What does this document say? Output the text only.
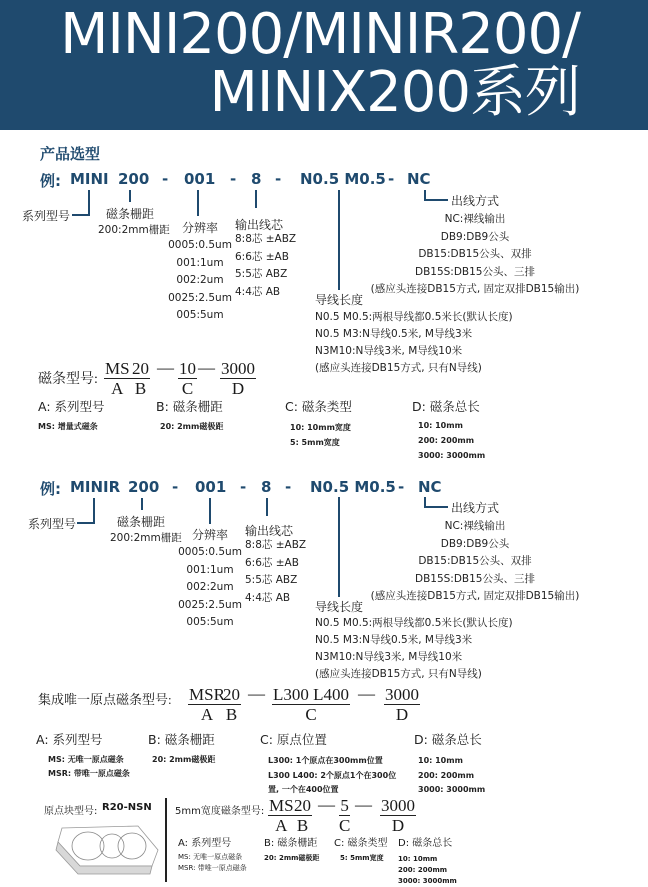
MINI200/MINIR200/
MINIX200系列
产品选型
例: MINI 200 - 001 - 8 - N0.5 M0.5 - NC
系列型号	磁条栅距
200:2mm栅距 分辨率
0005:0.5um
001:1um
002:2um
0025:2.5um
005:5um
输出线芯
8:8芯 ±ABZ
6:6芯 ±AB
5:5芯 ABZ
4:4芯 AB
导线长度
N0.5 M0.5:两根导线都0.5米长(默认长度)
N0.5 M3:N导线0.5米, M导线3米
N3M10:N导线3米, M导线10米
(感应头连接DB15方式, 只有N导线)
出线方式
NC:裸线输出
DB9:DB9公头
DB15:DB15公头、双排
DB15S:DB15公头、三排
(感应头连接DB15方式, 固定双排DB15输出)
磁条型号:
MS
A
20
B
— 10
C
— 3000
D
A: 系列型号
MS: 增量式磁条
B: 磁条栅距
20: 2mm磁极距
C: 磁条类型
10: 10mm宽度
5: 5mm宽度
D: 磁条总长
10: 10mm
200: 200mm
3000: 3000mm
例: MINIR 200 - 001 - 8 - N0.5 M0.5 - NC
系列型号	磁条栅距
200:2mm栅距 分辨率
0005:0.5um
001:1um
002:2um
0025:2.5um
005:5um
输出线芯
8:8芯 ±ABZ
6:6芯 ±AB
5:5芯 ABZ
4:4芯 AB
导线长度
N0.5 M0.5:两根导线都0.5米长(默认长度)
N0.5 M3:N导线0.5米, M导线3米
N3M10:N导线3米, M导线10米
(感应头连接DB15方式, 只有N导线)
出线方式
NC:裸线输出
DB9:DB9公头
DB15:DB15公头、双排
DB15S:DB15公头、三排
(感应头连接DB15方式, 固定双排DB15输出)
集成唯一原点磁条型号: MSR
A
20
B
— L300 L400
C
— 3000
D
A: 系列型号
MS: 无唯一原点磁条
MSR: 带唯一原点磁条
B: 磁条栅距
20: 2mm磁极距
C: 原点位置
L300: 1个原点在300mm位置
L300 L400: 2个原点1个在300位
置, 一个在400位置
D: 磁条总长
10: 10mm
200: 200mm
3000: 3000mm
原点块型号: R20-NSN 5mm宽度磁条型号: MS
A
20
B
— 5
C
— 3000
D
A: 系列型号
MS: 无唯一原点磁条
MSR: 带唯一原点磁条
B: 磁条栅距
20: 2mm磁极距
C: 磁条类型
5: 5mm宽度
D: 磁条总长
10: 10mm
200: 200mm
3000: 3000mm
